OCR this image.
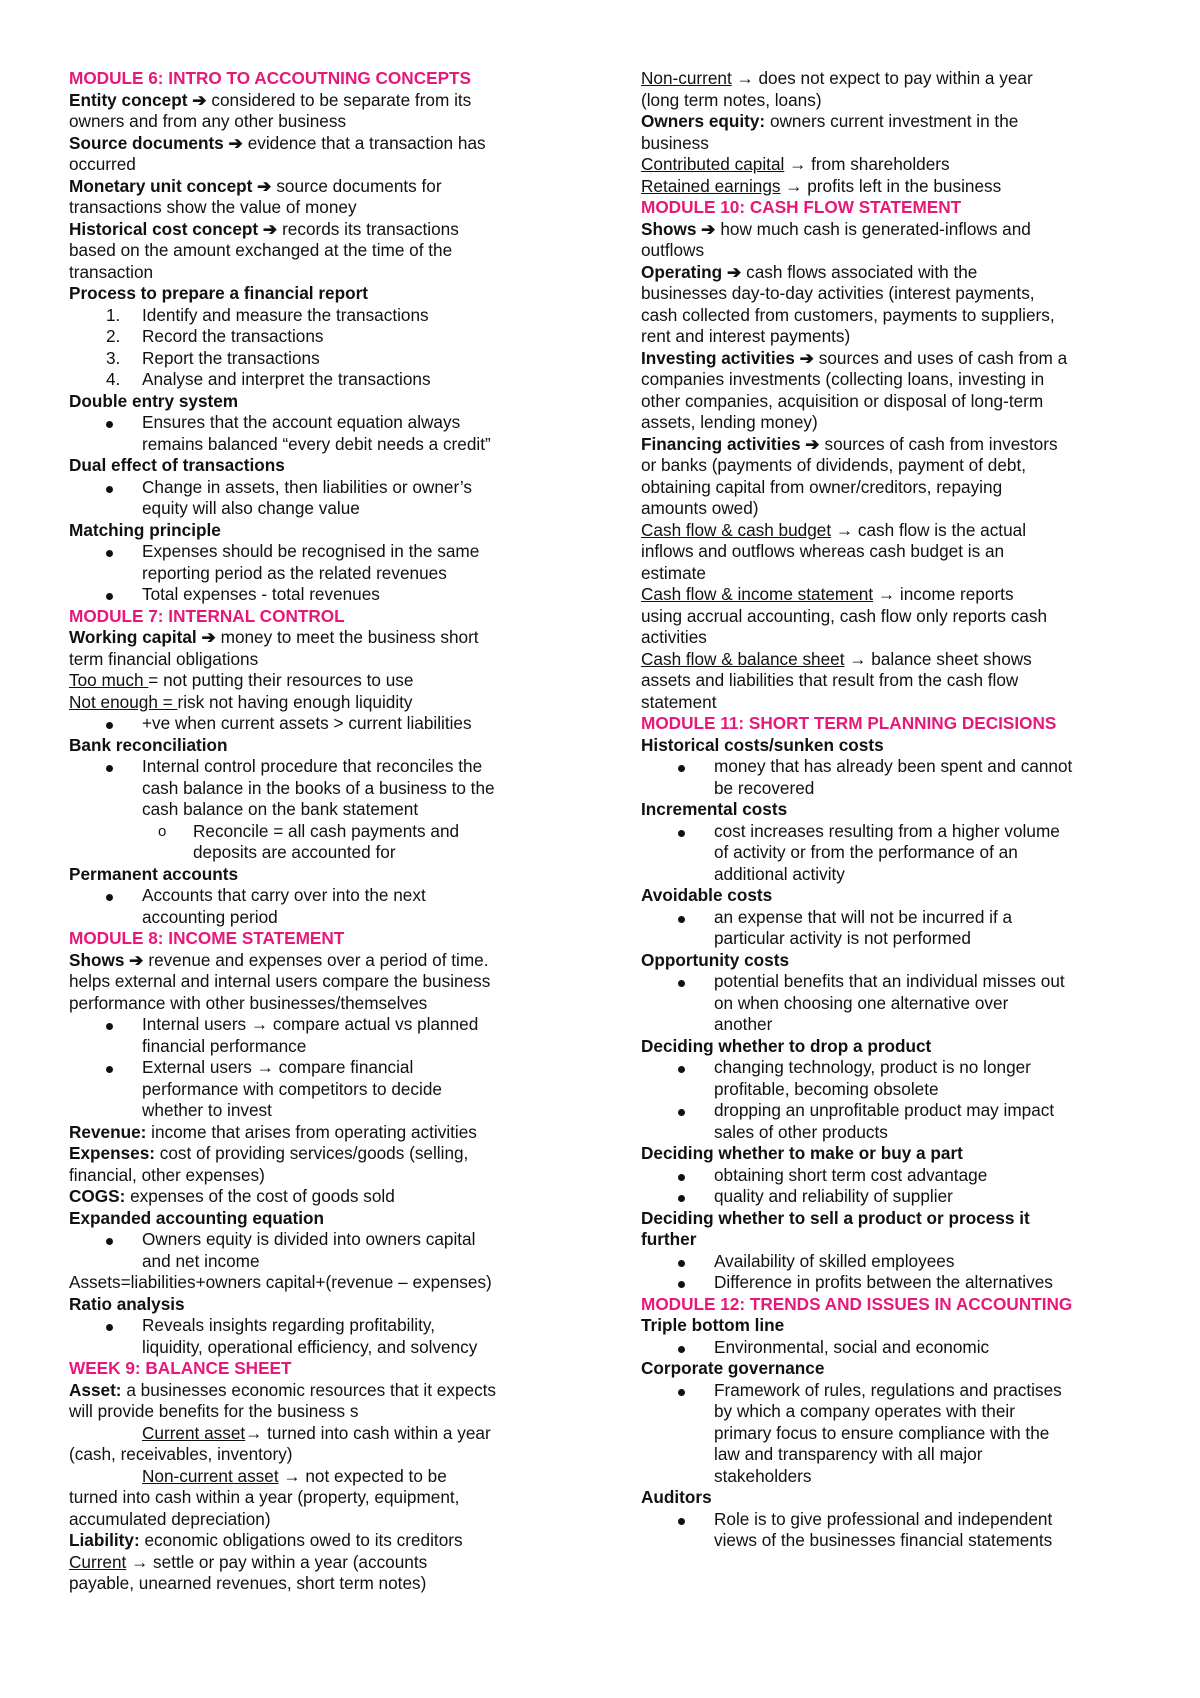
MODULE 6: INTRO TO ACCOUTNING CONCEPTS
Entity concept ➔ considered to be separate from its
owners and from any other business
Source documents ➔ evidence that a transaction has
occurred
Monetary unit concept ➔ source documents for
transactions show the value of money
Historical cost concept ➔ records its transactions
based on the amount exchanged at the time of the
transaction
Process to prepare a financial report
1. Identify and measure the transactions
2. Record the transactions
3. Report the transactions
4. Analyse and interpret the transactions
Double entry system
Ensures that the account equation always
remains balanced “every debit needs a credit”
Dual effect of transactions
Change in assets, then liabilities or owner’s
equity will also change value
Matching principle
Expenses should be recognised in the same
reporting period as the related revenues
Total expenses - total revenues
MODULE 7: INTERNAL CONTROL
Working capital ➔ money to meet the business short
term financial obligations
Too much = not putting their resources to use
Not enough = risk not having enough liquidity
+ve when current assets > current liabilities
Bank reconciliation
Internal control procedure that reconciles the
cash balance in the books of a business to the
cash balance on the bank statement
o Reconcile = all cash payments and
deposits are accounted for
Permanent accounts
Accounts that carry over into the next
accounting period
MODULE 8: INCOME STATEMENT
Shows ➔ revenue and expenses over a period of time.
helps external and internal users compare the business
performance with other businesses/themselves
Internal users → compare actual vs planned
financial performance
External users → compare financial
performance with competitors to decide
whether to invest
Revenue: income that arises from operating activities
Expenses: cost of providing services/goods (selling,
financial, other expenses)
COGS: expenses of the cost of goods sold
Expanded accounting equation
Owners equity is divided into owners capital
and net income
Assets=liabilities+owners capital+(revenue – expenses)
Ratio analysis
Reveals insights regarding profitability,
liquidity, operational efficiency, and solvency
WEEK 9: BALANCE SHEET
Asset: a businesses economic resources that it expects
will provide benefits for the business s
Current asset→ turned into cash within a year
(cash, receivables, inventory)
Non-current asset → not expected to be
turned into cash within a year (property, equipment,
accumulated depreciation)
Liability: economic obligations owed to its creditors
Current → settle or pay within a year (accounts
payable, unearned revenues, short term notes)
Non-current → does not expect to pay within a year
(long term notes, loans)
Owners equity: owners current investment in the
business
Contributed capital → from shareholders
Retained earnings → profits left in the business
MODULE 10: CASH FLOW STATEMENT
Shows ➔ how much cash is generated-inflows and
outflows
Operating ➔ cash flows associated with the
businesses day-to-day activities (interest payments,
cash collected from customers, payments to suppliers,
rent and interest payments)
Investing activities ➔ sources and uses of cash from a
companies investments (collecting loans, investing in
other companies, acquisition or disposal of long-term
assets, lending money)
Financing activities ➔ sources of cash from investors
or banks (payments of dividends, payment of debt,
obtaining capital from owner/creditors, repaying
amounts owed)
Cash flow & cash budget → cash flow is the actual
inflows and outflows whereas cash budget is an
estimate
Cash flow & income statement → income reports
using accrual accounting, cash flow only reports cash
activities
Cash flow & balance sheet → balance sheet shows
assets and liabilities that result from the cash flow
statement
MODULE 11: SHORT TERM PLANNING DECISIONS
Historical costs/sunken costs
money that has already been spent and cannot
be recovered
Incremental costs
cost increases resulting from a higher volume
of activity or from the performance of an
additional activity
Avoidable costs
an expense that will not be incurred if a
particular activity is not performed
Opportunity costs
potential benefits that an individual misses out
on when choosing one alternative over
another
Deciding whether to drop a product
changing technology, product is no longer
profitable, becoming obsolete
dropping an unprofitable product may impact
sales of other products
Deciding whether to make or buy a part
obtaining short term cost advantage
quality and reliability of supplier
Deciding whether to sell a product or process it
further
Availability of skilled employees
Difference in profits between the alternatives
MODULE 12: TRENDS AND ISSUES IN ACCOUNTING
Triple bottom line
Environmental, social and economic
Corporate governance
Framework of rules, regulations and practises
by which a company operates with their
primary focus to ensure compliance with the
law and transparency with all major
stakeholders
Auditors
Role is to give professional and independent
views of the businesses financial statements
